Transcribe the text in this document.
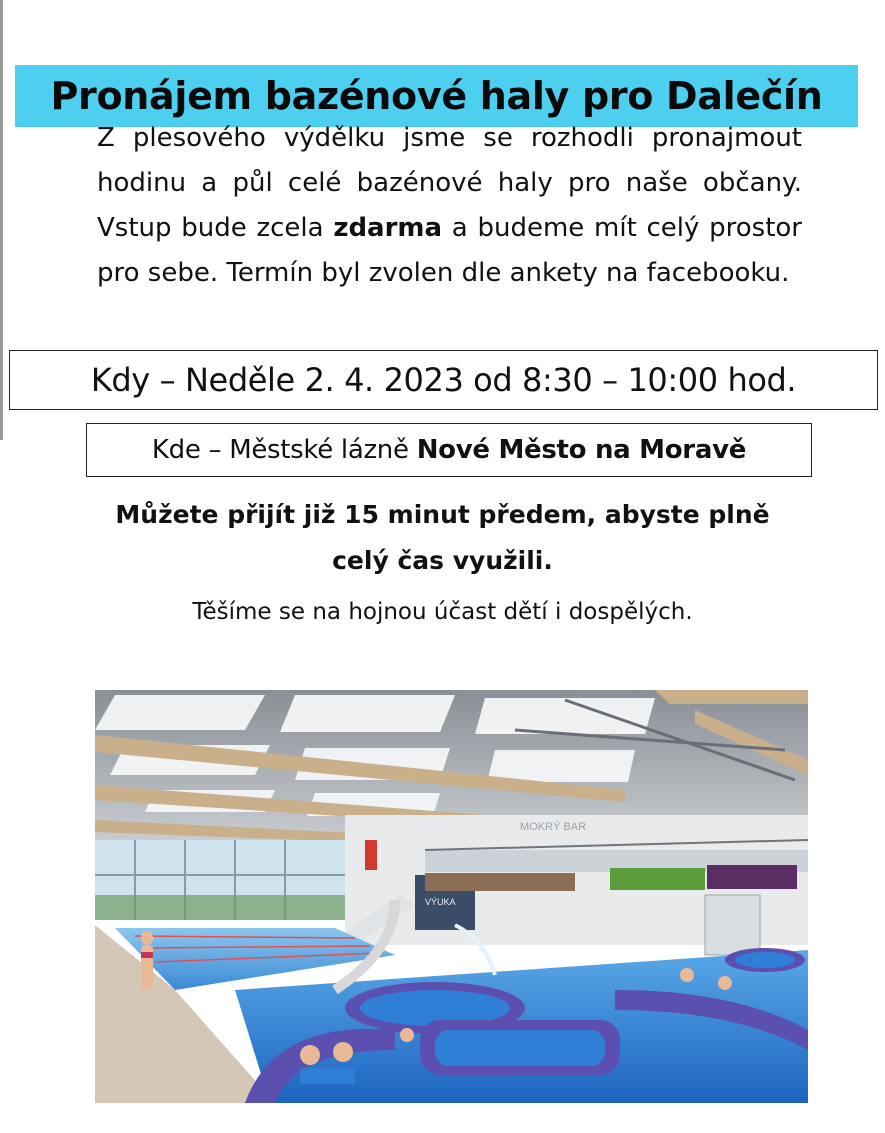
Pronájem bazénové haly pro Dalečín

Z plesového výdělku jsme se rozhodli pronajmout hodinu a půl celé bazénové haly pro naše občany. Vstup bude zcela zdarma a budeme mít celý prostor pro sebe. Termín byl zvolen dle ankety na facebooku.

Kdy – Neděle 2. 4. 2023 od 8:30 – 10:00 hod.
Kde – Městské lázně Nové Město na Moravě
Můžete přijít již 15 minut předem, abyste plně
celý čas využili.
Těšíme se na hojnou účast dětí i dospělých.
VÝUKA
MOKRÝ BAR
